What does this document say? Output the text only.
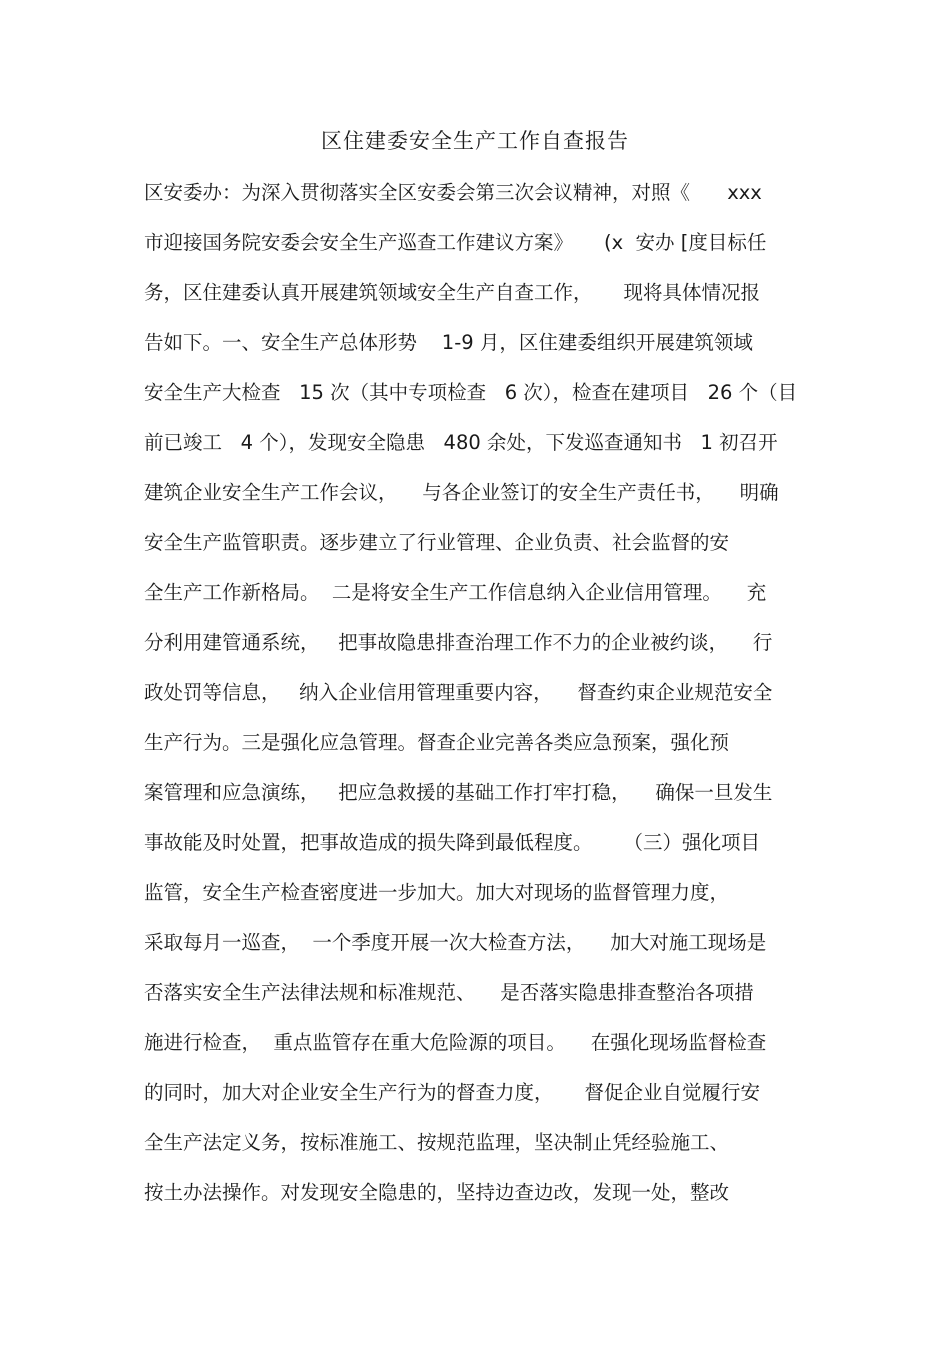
区住建委安全生产工作自查报告
区安委办：为深入贯彻落实全区安委会第三次会议精神，对照《      xxx
市迎接国务院安委会安全生产巡查工作建议方案》     (x  安办 [度目标任
务，区住建委认真开展建筑领域安全生产自查工作，     现将具体情况报
告如下。一、安全生产总体形势    1-9 月，区住建委组织开展建筑领域
安全生产大检查   15 次（其中专项检查   6 次），检查在建项目   26 个（目
前已竣工   4 个），发现安全隐患   480 余处，下发巡查通知书   1 初召开
建筑企业安全生产工作会议，    与各企业签订的安全生产责任书，    明确
安全生产监管职责。逐步建立了行业管理、企业负责、社会监督的安
全生产工作新格局。  二是将安全生产工作信息纳入企业信用管理。    充
分利用建管通系统，   把事故隐患排查治理工作不力的企业被约谈，    行
政处罚等信息，   纳入企业信用管理重要内容，    督查约束企业规范安全
生产行为。三是强化应急管理。督查企业完善各类应急预案，强化预
案管理和应急演练，   把应急救援的基础工作打牢打稳，    确保一旦发生
事故能及时处置，把事故造成的损失降到最低程度。     （三）强化项目
监管，安全生产检查密度进一步加大。加大对现场的监督管理力度，
采取每月一巡查，  一个季度开展一次大检查方法，    加大对施工现场是
否落实安全生产法律法规和标准规范、    是否落实隐患排查整治各项措
施进行检查，  重点监管存在重大危险源的项目。    在强化现场监督检查
的同时，加大对企业安全生产行为的督查力度，     督促企业自觉履行安
全生产法定义务，按标准施工、按规范监理，坚决制止凭经验施工、
按土办法操作。对发现安全隐患的，坚持边查边改，发现一处，整改
